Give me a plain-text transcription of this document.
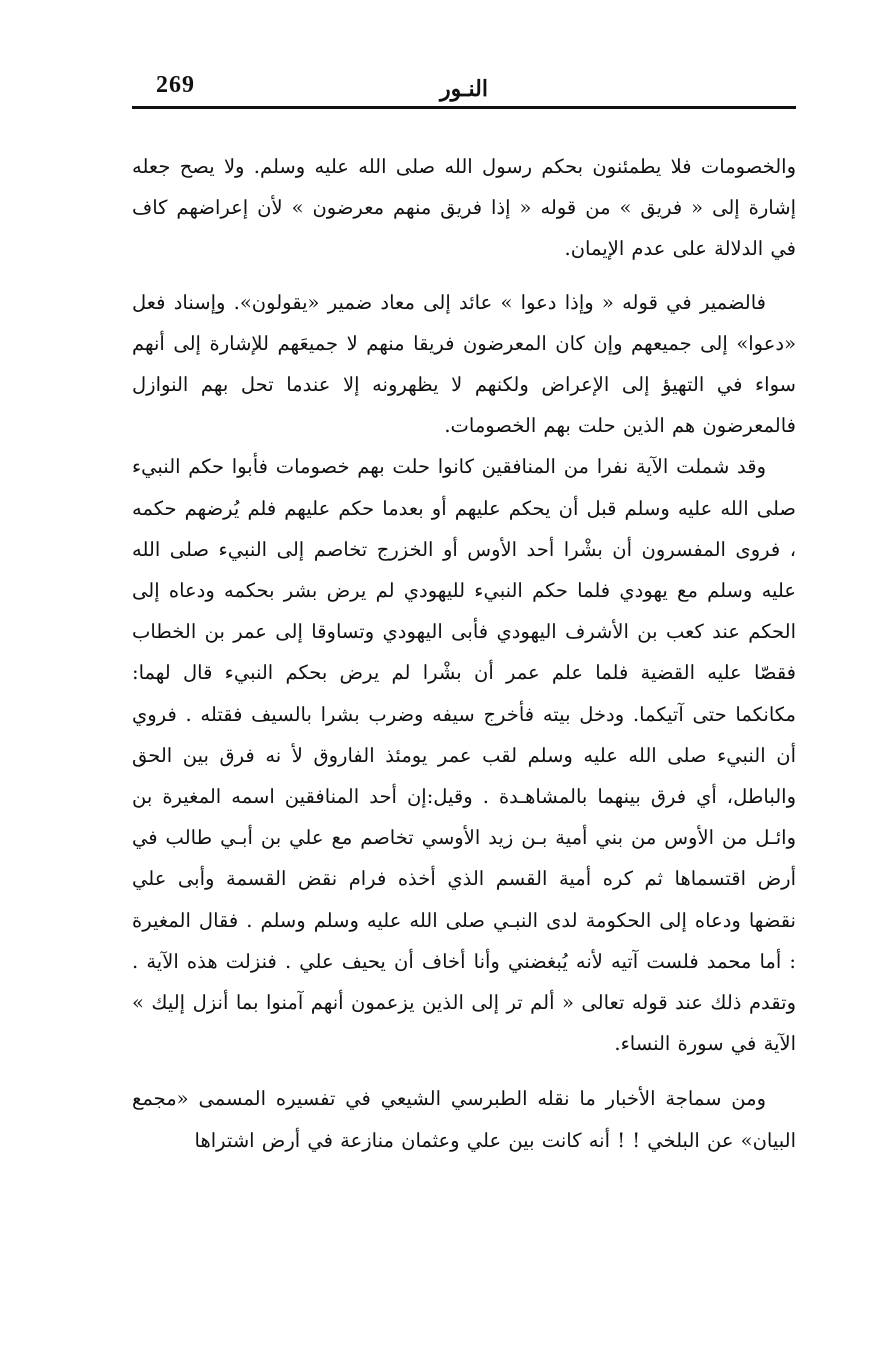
269	النـور

والخصومات فلا يطمئنون بحكم رسول الله صلى الله عليه وسلم. ولا يصح جعله إشارة إلى « فريق » من قوله « إذا فريق منهم معرضون » لأن إعراضهم كاف في الدلالة على عدم الإيمان.

فالضمير في قوله « وإذا دعوا » عائد إلى معاد ضمير «يقولون». وإسناد فعل «دعوا» إلى جميعهم وإن كان المعرضون فريقا منهم لا جميعَهم للإشارة إلى أنهم سواء في التهيؤ إلى الإعراض ولكنهم لا يظهرونه إلا عندما تحل بهم النوازل فالمعرضون هم الذين حلت بهم الخصومات.

وقد شملت الآية نفرا من المنافقين كانوا حلت بهم خصومات فأبوا حكم النبيء صلى الله عليه وسلم قبل أن يحكم عليهم أو بعدما حكم عليهم فلم يُرضهم حكمه ، فروى المفسرون أن بشْرا أحد الأوس أو الخزرج تخاصم إلى النبيء صلى الله عليه وسلم مع يهودي فلما حكم النبيء لليهودي لم يرض بشر بحكمه ودعاه إلى الحكم عند كعب بن الأشرف اليهودي فأبى اليهودي وتساوقا إلى عمر بن الخطاب فقصّا عليه القضية فلما علم عمر أن بشْرا لم يرض بحكم النبيء قال لهما: مكانكما حتى آتيكما. ودخل بيته فأخرج سيفه وضرب بشرا بالسيف فقتله . فروي أن النبيء صلى الله عليه وسلم لقب عمر يومئذ الفاروق لأ نه فرق بين الحق والباطل، أي فرق بينهما بالمشاهـدة . وقيل:إن أحد المنافقين اسمه المغيرة بن وائـل من الأوس من بني أمية بـن زيد الأوسي تخاصم مع علي بن أبـي طالب في أرض اقتسماها ثم كره أمية القسم الذي أخذه فرام نقض القسمة وأبى علي نقضها ودعاه إلى الحكومة لدى النبـي صلى الله عليه وسلم وسلم . فقال المغيرة : أما محمد فلست آتيه لأنه يُبغضني وأنا أخاف أن يحيف علي . فنزلت هذه الآية . وتقدم ذلك عند قوله تعالى « ألم تر إلى الذين يزعمون أنهم آمنوا بما أنزل إليك » الآية في سورة النساء.

ومن سماجة الأخبار ما نقله الطبرسي الشيعي في تفسيره المسمى «مجمع البيان» عن البلخي ! ! أنه كانت بين علي وعثمان منازعة في أرض اشتراها
